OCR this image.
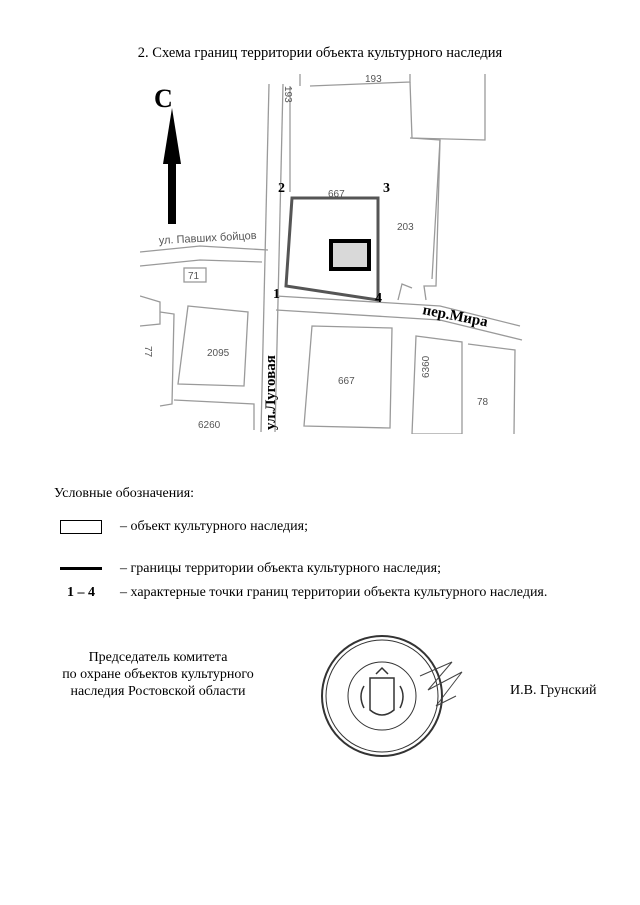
2. Схема границ территории объекта культурного наследия
С	193
193
667
203
71
2095
77
6260
667
6360
78
ул. Павших бойцов
пер.Мира
ул.Луговая
1
2	3
4
Условные обозначения:
– объект культурного наследия;
– границы территории объекта культурного наследия;
1 – 4	– характерные точки границ территории объекта культурного наследия.
Председатель комитета
по охране объектов культурного
наследия Ростовской области	И.В. Грунский
